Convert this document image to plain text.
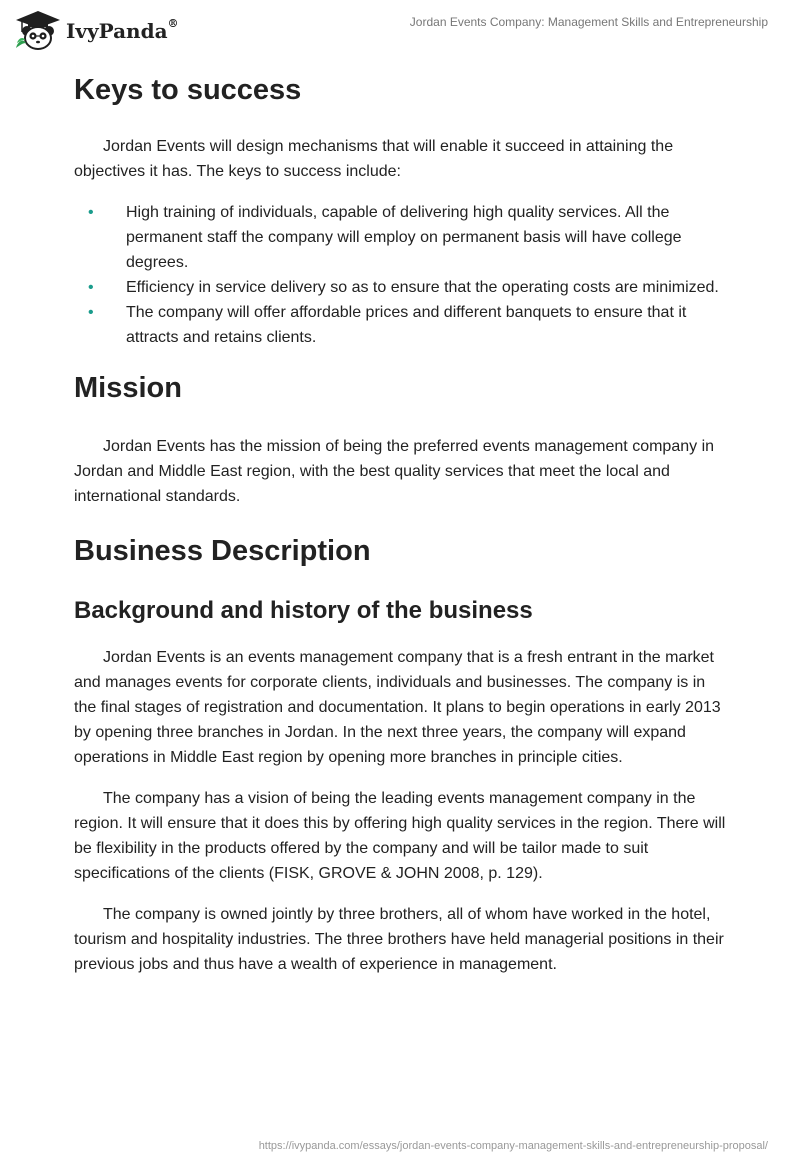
IvyPanda®	Jordan Events Company: Management Skills and Entrepreneurship
Keys to success

Jordan Events will design mechanisms that will enable it succeed in attaining the objectives it has. The keys to success include:

• High training of individuals, capable of delivering high quality services. All the permanent staff the company will employ on permanent basis will have college degrees.
• Efficiency in service delivery so as to ensure that the operating costs are minimized.
• The company will offer affordable prices and different banquets to ensure that it attracts and retains clients.
Mission

Jordan Events has the mission of being the preferred events management company in Jordan and Middle East region, with the best quality services that meet the local and international standards.

Business Description
Background and history of the business

Jordan Events is an events management company that is a fresh entrant in the market and manages events for corporate clients, individuals and businesses. The company is in the final stages of registration and documentation. It plans to begin operations in early 2013 by opening three branches in Jordan. In the next three years, the company will expand operations in Middle East region by opening more branches in principle cities.

The company has a vision of being the leading events management company in the region. It will ensure that it does this by offering high quality services in the region. There will be flexibility in the products offered by the company and will be tailor made to suit specifications of the clients (FISK, GROVE & JOHN 2008, p. 129).

The company is owned jointly by three brothers, all of whom have worked in the hotel, tourism and hospitality industries. The three brothers have held managerial positions in their previous jobs and thus have a wealth of experience in management.

https://ivypanda.com/essays/jordan-events-company-management-skills-and-entrepreneurship-proposal/
